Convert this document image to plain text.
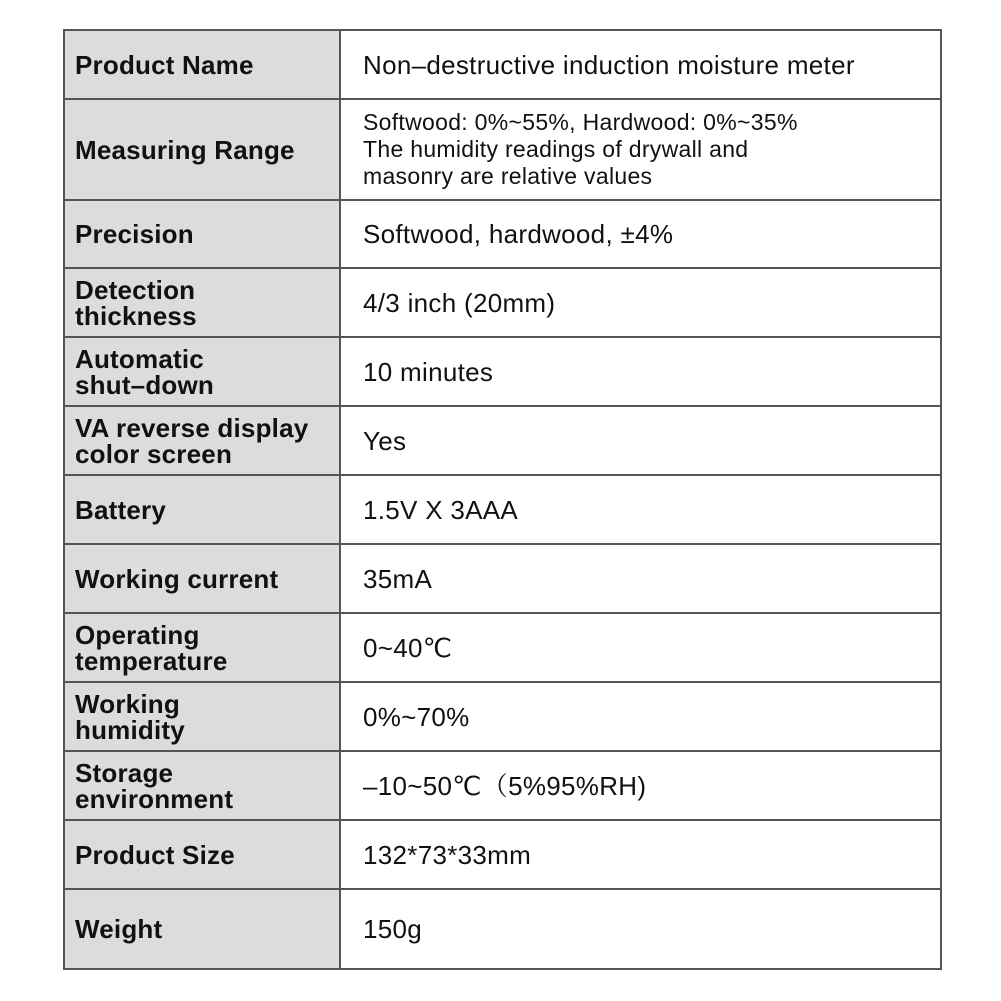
Product Name	Non–destructive induction moisture meter

Measuring Range	Softwood: 0%~55%, Hardwood: 0%~35%
The humidity readings of drywall and
masonry are relative values

Precision	Softwood, hardwood, ±4%

Detection
thickness	4/3 inch (20mm)

Automatic
shut–down	10 minutes

VA reverse display
color screen	Yes

Battery	1.5V X 3AAA

Working current	35mA

Operating
temperature	0~40℃

Working
humidity	0%~70%

Storage
environment	–10~50℃（5%95%RH)

Product Size	132*73*33mm

Weight	150g
